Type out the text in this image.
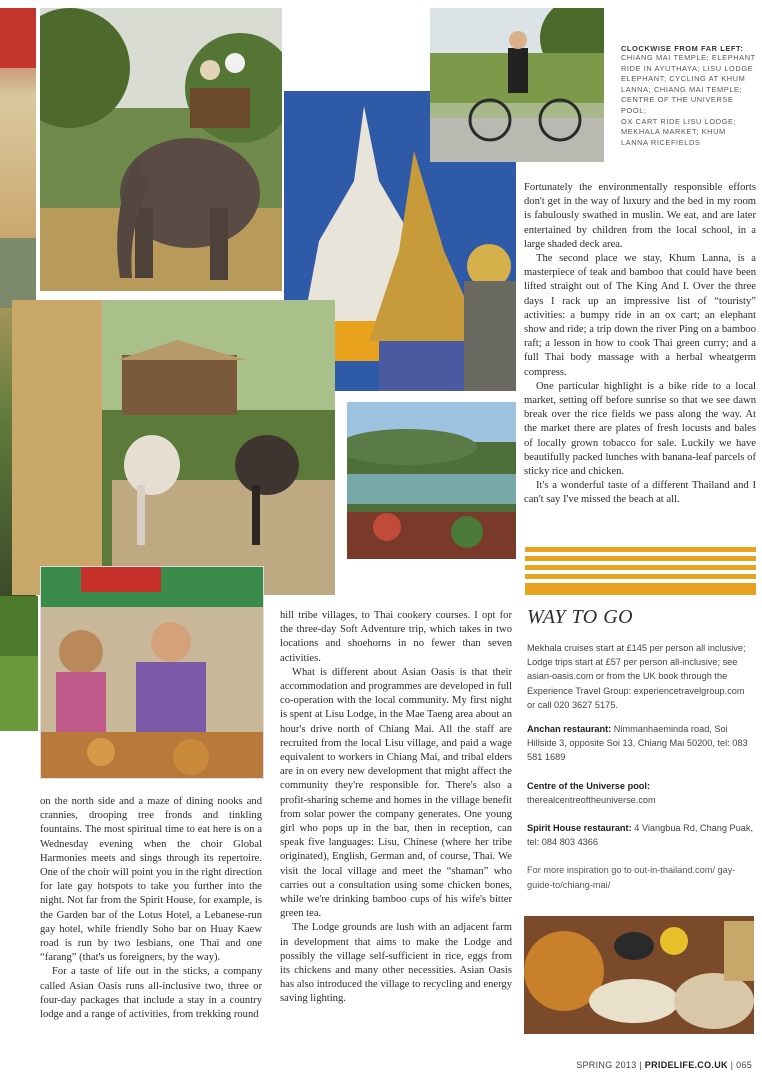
CLOCKWISE FROM FAR LEFT:
CHIANG MAI TEMPLE; ELEPHANT
RIDE IN AYUTHAYA; LISU LODGE
ELEPHANT; CYCLING AT KHUM
LANNA; CHIANG MAI TEMPLE;
CENTRE OF THE UNIVERSE POOL;
OX CART RIDE LISU LODGE;
MEKHALA MARKET; KHUM
LANNA RICEFIELDS

Fortunately the environmentally responsible efforts don't get in the way of luxury and the bed in my room is fabulously swathed in muslin. We eat, and are later entertained by children from the local school, in a large shaded deck area.

The second place we stay, Khum Lanna, is a masterpiece of teak and bamboo that could have been lifted straight out of The King And I. Over the three days I rack up an impressive list of “touristy” activities: a bumpy ride in an ox cart; an elephant show and ride; a trip down the river Ping on a bamboo raft; a lesson in how to cook Thai green curry; and a full Thai body massage with a herbal wheatgerm compress.

One particular highlight is a bike ride to a local market, setting off before sunrise so that we see dawn break over the rice fields we pass along the way. At the market there are plates of fresh locusts and bales of locally grown tobacco for sale. Luckily we have beautifully packed lunches with banana-leaf parcels of sticky rice and chicken.

It's a wonderful taste of a different Thailand and I can't say I've missed the beach at all.

on the north side and a maze of dining nooks and crannies, drooping tree fronds and tinkling fountains. The most spiritual time to eat here is on a Wednesday evening when the choir Global Harmonies meets and sings through its repertoire. One of the choir will point you in the right direction for late gay hotspots to take you further into the night. Not far from the Spirit House, for example, is the Garden bar of the Lotus Hotel, a Lebanese-run gay hotel, while friendly Soho bar on Huay Kaew road is run by two lesbians, one Thai and one “farang” (that's us foreigners, by the way).

For a taste of life out in the sticks, a company called Asian Oasis runs all-inclusive two, three or four-day packages that include a stay in a country lodge and a range of activities, from trekking round

hill tribe villages, to Thai cookery courses. I opt for the three-day Soft Adventure trip, which takes in two locations and shoehorns in no fewer than seven activities.

What is different about Asian Oasis is that their accommodation and programmes are developed in full co-operation with the local community. My first night is spent at Lisu Lodge, in the Mae Taeng area about an hour's drive north of Chiang Mai. All the staff are recruited from the local Lisu village, and paid a wage equivalent to workers in Chiang Mai, and tribal elders are in on every new development that might affect the community they're responsible for. There's also a profit-sharing scheme and homes in the village benefit from solar power the company generates. One young girl who pops up in the bar, then in reception, can speak five languages: Lisu, Chinese (where her tribe originated), English, German and, of course, Thai. We visit the local village and meet the “shaman” who carries out a consultation using some chicken bones, while we're drinking bamboo cups of his wife's bitter green tea.

The Lodge grounds are lush with an adjacent farm in development that aims to make the Lodge and possibly the village self-sufficient in rice, eggs from its chickens and many other necessities. Asian Oasis has also introduced the village to recycling and energy saving lighting.

WAY TO GO

Mekhala cruises start at £145 per person all inclusive; Lodge trips start at £57 per person all-inclusive; see asian-oasis.com or from the UK book through the Experience Travel Group: experiencetravelgroup.com or call 020 3627 5175.

Anchan restaurant: Nimmanhaeminda road, Soi Hillside 3, opposite Soi 13, Chiang Mai 50200, tel: 083 581 1689

Centre of the Universe pool:
therealcentreoftheuniverse.com

Spirit House restaurant: 4 Viangbua Rd, Chang Puak, tel: 084 803 4366

For more inspiration go to out-in-thailand.com/ gay-guide-to/chiang-mai/

SPRING 2013 | PRIDELIFE.CO.UK | 065
